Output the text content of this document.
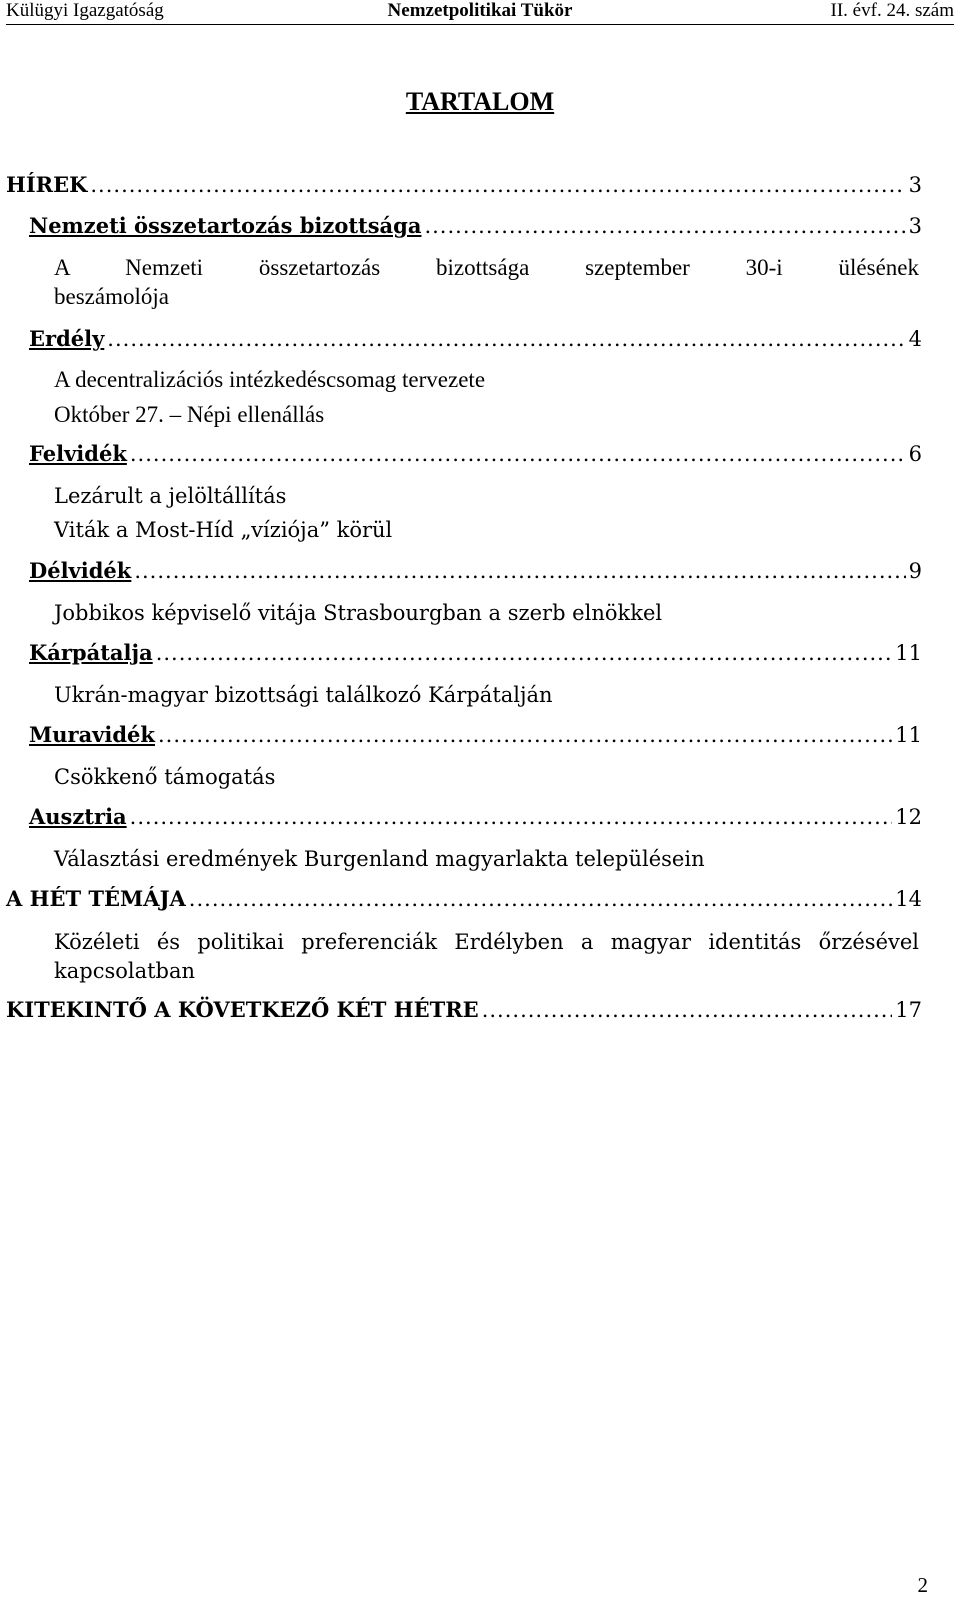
Külügyi Igazgatóság	Nemzetpolitikai Tükör	II. évf. 24. szám
TARTALOM
HÍREK .....	3
Nemzeti összetartozás bizottsága .....	3
Erdély .....	4
Felvidék .....	6
Délvidék .....	9
Kárpátalja .....	11
Muravidék .....	11
Ausztria .....	12
A HÉT TÉMÁJA .....	14
KITEKINTŐ A KÖVETKEZŐ KÉT HÉTRE .....	17
A Nemzeti összetartozás bizottsága szeptember 30-i ülésének
beszámolója
A decentralizációs intézkedéscsomag tervezete
Október 27. – Népi ellenállás
Lezárult a jelöltállítás
Viták a Most-Híd „víziója” körül
Jobbikos képviselő vitája Strasbourgban a szerb elnökkel
Ukrán-magyar bizottsági találkozó Kárpátalján
Csökkenő támogatás
Választási eredmények Burgenland magyarlakta településein
Közéleti és politikai preferenciák Erdélyben a magyar identitás őrzésével
kapcsolatban
2
